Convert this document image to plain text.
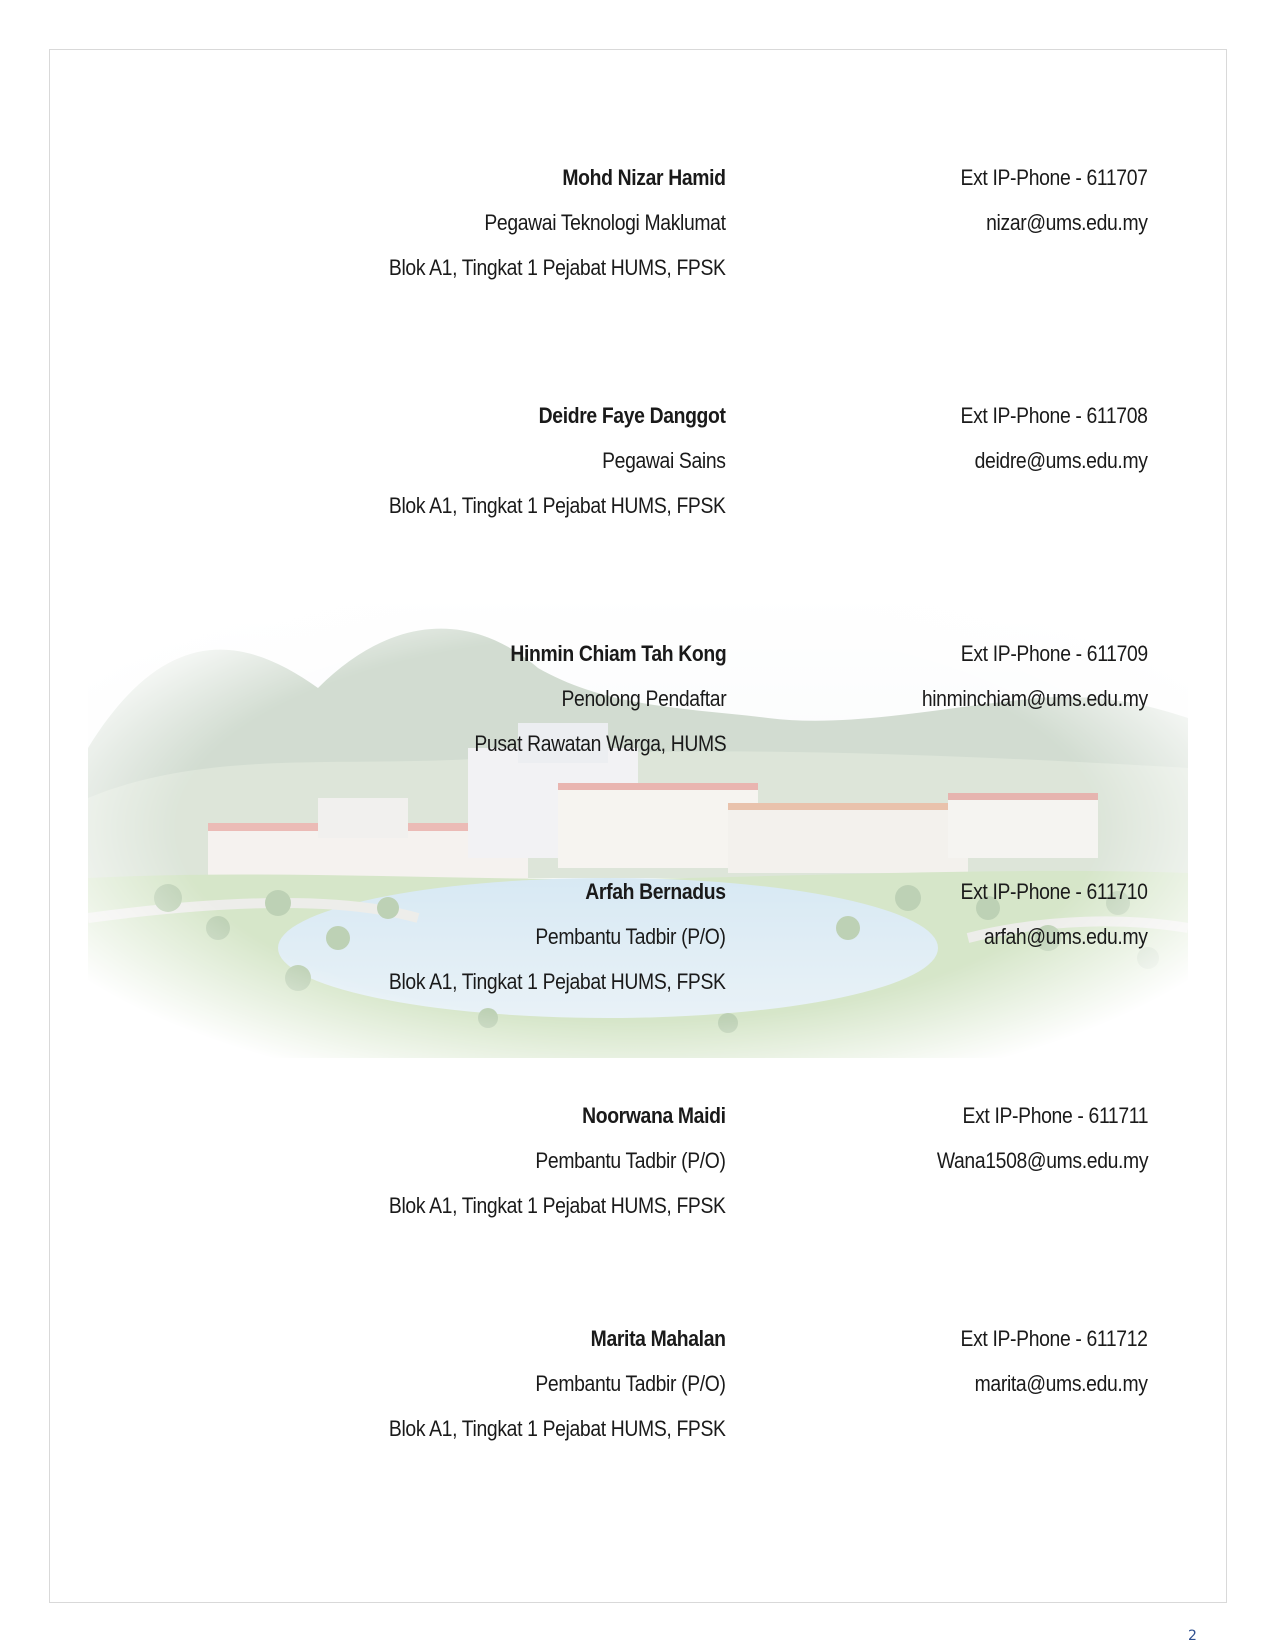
Mohd Nizar Hamid
Pegawai Teknologi Maklumat
Blok A1, Tingkat 1 Pejabat HUMS, FPSK
Ext IP-Phone - 611707
nizar@ums.edu.my
Deidre Faye Danggot
Pegawai Sains
Blok A1, Tingkat 1 Pejabat HUMS, FPSK
Ext IP-Phone - 611708
deidre@ums.edu.my
Hinmin Chiam Tah Kong
Penolong Pendaftar
Pusat Rawatan Warga, HUMS
Ext IP-Phone - 611709
hinminchiam@ums.edu.my
Arfah Bernadus
Pembantu Tadbir (P/O)
Blok A1, Tingkat 1 Pejabat HUMS, FPSK
Ext IP-Phone - 611710
arfah@ums.edu.my
Noorwana Maidi
Pembantu Tadbir (P/O)
Blok A1, Tingkat 1 Pejabat HUMS, FPSK
Ext IP-Phone - 611711
Wana1508@ums.edu.my
Marita Mahalan
Pembantu Tadbir (P/O)
Blok A1, Tingkat 1 Pejabat HUMS, FPSK
Ext IP-Phone - 611712
marita@ums.edu.my
2
